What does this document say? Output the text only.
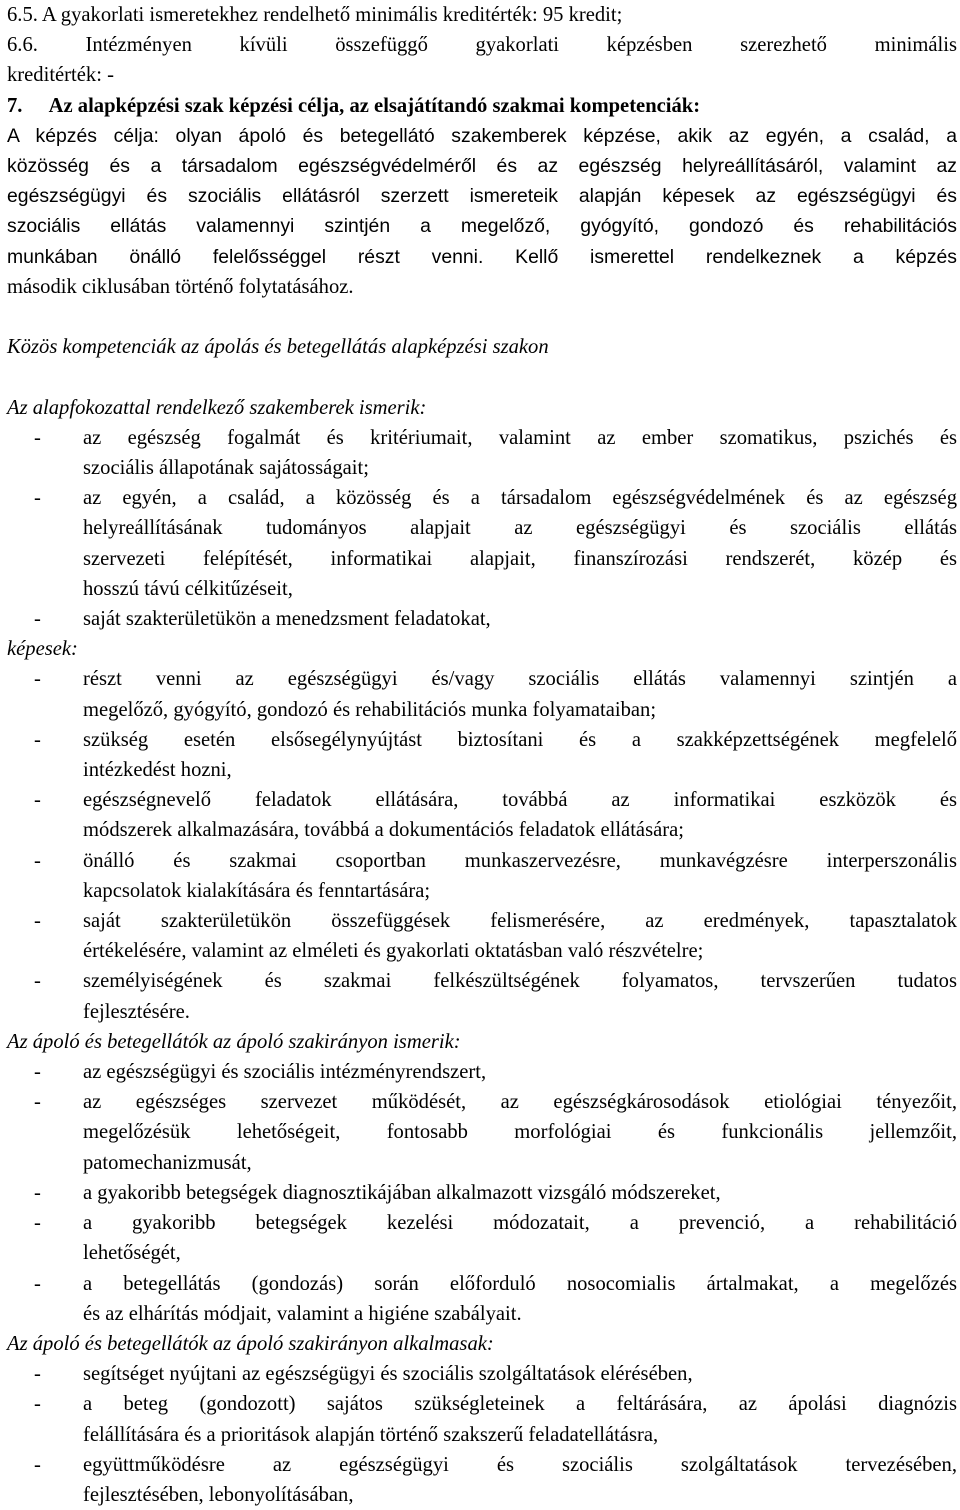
6.5. A gyakorlati ismeretekhez rendelhető minimális kreditérték: 95 kredit;
6.6. Intézményen kívüli összefüggő gyakorlati képzésben szerezhető minimális
kreditérték: -
7. Az alapképzési szak képzési célja, az elsajátítandó szakmai kompetenciák:
A képzés célja: olyan ápoló és betegellátó szakemberek képzése, akik az egyén, a család, a
közösség és a társadalom egészségvédelméről és az egészség helyreállításáról, valamint az
egészségügyi és szociális ellátásról szerzett ismereteik alapján képesek az egészségügyi és
szociális ellátás valamennyi szintjén a megelőző, gyógyító, gondozó és rehabilitációs
munkában önálló felelősséggel részt venni. Kellő ismerettel rendelkeznek a képzés
második ciklusában történő folytatásához.
Közös kompetenciák az ápolás és betegellátás alapképzési szakon
Az alapfokozattal rendelkező szakemberek ismerik:
-	az egészség fogalmát és kritériumait, valamint az ember szomatikus, pszichés és
szociális állapotának sajátosságait;
-	az egyén, a család, a közösség és a társadalom egészségvédelmének és az egészség
helyreállításának tudományos alapjait az egészségügyi és szociális ellátás
szervezeti felépítését, informatikai alapjait, finanszírozási rendszerét, közép és
hosszú távú célkitűzéseit,
-	saját szakterületükön a menedzsment feladatokat,
képesek:
-	részt venni az egészségügyi és/vagy szociális ellátás valamennyi szintjén a
megelőző, gyógyító, gondozó és rehabilitációs munka folyamataiban;
-	szükség esetén elsősegélynyújtást biztosítani és a szakképzettségének megfelelő
intézkedést hozni,
-	egészségnevelő feladatok ellátására, továbbá az informatikai eszközök és
módszerek alkalmazására, továbbá a dokumentációs feladatok ellátására;
-	önálló és szakmai csoportban munkaszervezésre, munkavégzésre interperszonális
kapcsolatok kialakítására és fenntartására;
-	saját szakterületükön összefüggések felismerésére, az eredmények, tapasztalatok
értékelésére, valamint az elméleti és gyakorlati oktatásban való részvételre;
-	személyiségének és szakmai felkészültségének folyamatos, tervszerűen tudatos
fejlesztésére.
Az ápoló és betegellátók az ápoló szakirányon ismerik:
-	az egészségügyi és szociális intézményrendszert,
-	az egészséges szervezet működését, az egészségkárosodások etiológiai tényezőit,
megelőzésük lehetőségeit, fontosabb morfológiai és funkcionális jellemzőit,
patomechanizmusát,
-	a gyakoribb betegségek diagnosztikájában alkalmazott vizsgáló módszereket,
-	a gyakoribb betegségek kezelési módozatait, a prevenció, a rehabilitáció
lehetőségét,
-	a betegellátás (gondozás) során előforduló nosocomialis ártalmakat, a megelőzés
és az elhárítás módjait, valamint a higiéne szabályait.
Az ápoló és betegellátók az ápoló szakirányon alkalmasak:
-	segítséget nyújtani az egészségügyi és szociális szolgáltatások elérésében,
-	a beteg (gondozott) sajátos szükségleteinek a feltárására, az ápolási diagnózis
felállítására és a prioritások alapján történő szakszerű feladatellátásra,
-	együttműködésre az egészségügyi és szociális szolgáltatások tervezésében,
fejlesztésében, lebonyolításában,
